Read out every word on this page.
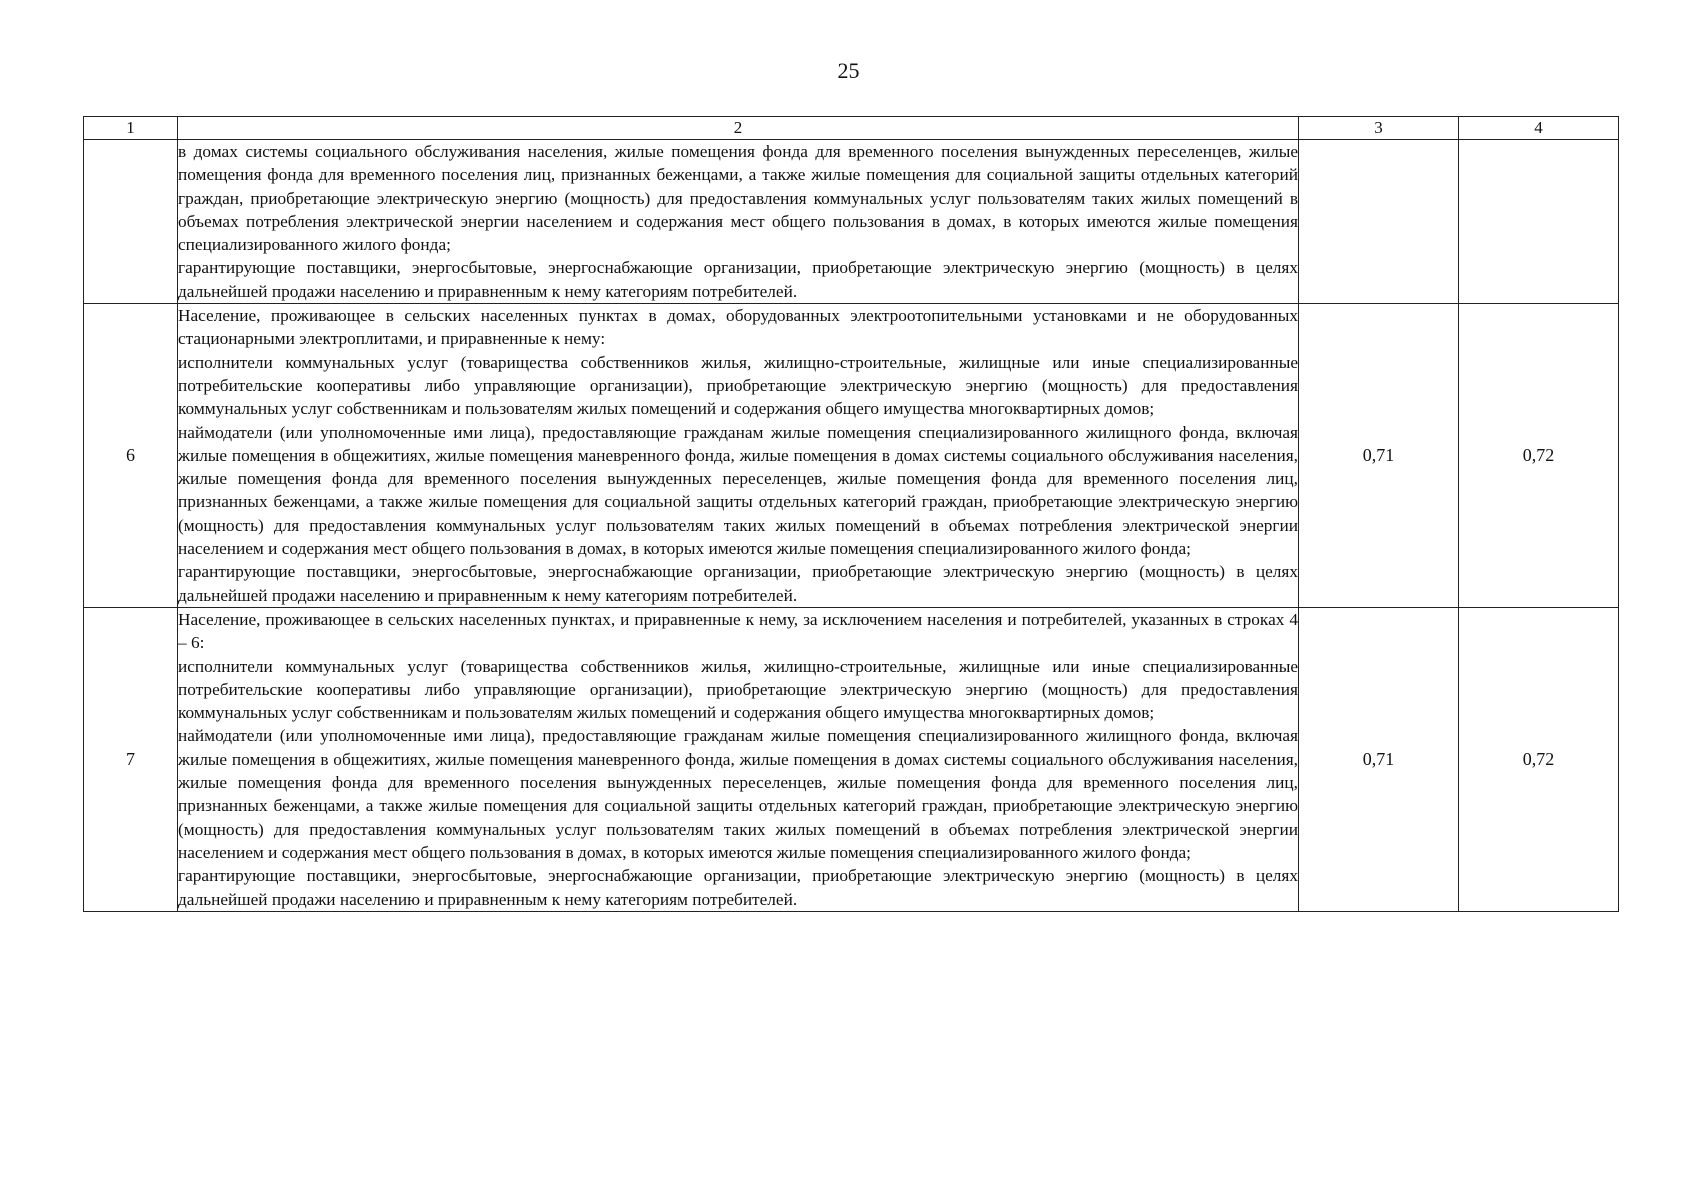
25
1	2	3	4

	в домах системы социального обслуживания населения, жилые помещения фонда для временного поселения вынужденных переселенцев, жилые помещения фонда для временного поселения лиц, признанных беженцами, а также жилые помещения для социальной защиты отдельных категорий граждан, приобретающие электрическую энергию (мощность) для предоставления коммунальных услуг пользователям таких жилых помещений в объемах потребления электрической энергии населением и содержания мест общего пользования в домах, в которых имеются жилые помещения специализированного жилого фонда;

гарантирующие поставщики, энергосбытовые, энергоснабжающие организации, приобретающие электрическую энергию (мощность) в целях дальнейшей продажи населению и приравненным к нему категориям потребителей.		

6	Население, проживающее в сельских населенных пунктах в домах, оборудованных электроотопительными установками и не оборудованных стационарными электроплитами, и приравненные к нему:

исполнители коммунальных услуг (товарищества собственников жилья, жилищно-строительные, жилищные или иные специализированные потребительские кооперативы либо управляющие организации), приобретающие электрическую энергию (мощность) для предоставления коммунальных услуг собственникам и пользователям жилых помещений и содержания общего имущества многоквартирных домов;

наймодатели (или уполномоченные ими лица), предоставляющие гражданам жилые помещения специализированного жилищного фонда, включая жилые помещения в общежитиях, жилые помещения маневренного фонда, жилые помещения в домах системы социального обслуживания населения, жилые помещения фонда для временного поселения вынужденных переселенцев, жилые помещения фонда для временного поселения лиц, признанных беженцами, а также жилые помещения для социальной защиты отдельных категорий граждан, приобретающие электрическую энергию (мощность) для предоставления коммунальных услуг пользователям таких жилых помещений в объемах потребления электрической энергии населением и содержания мест общего пользования в домах, в которых имеются жилые помещения специализированного жилого фонда;

гарантирующие поставщики, энергосбытовые, энергоснабжающие организации, приобретающие электрическую энергию (мощность) в целях дальнейшей продажи населению и приравненным к нему категориям потребителей.	0,71	0,72
7	Население, проживающее в сельских населенных пунктах, и приравненные к нему, за исключением населения и потребителей, указанных в строках 4 – 6:

исполнители коммунальных услуг (товарищества собственников жилья, жилищно-строительные, жилищные или иные специализированные потребительские кооперативы либо управляющие организации), приобретающие электрическую энергию (мощность) для предоставления коммунальных услуг собственникам и пользователям жилых помещений и содержания общего имущества многоквартирных домов;

наймодатели (или уполномоченные ими лица), предоставляющие гражданам жилые помещения специализированного жилищного фонда, включая жилые помещения в общежитиях, жилые помещения маневренного фонда, жилые помещения в домах системы социального обслуживания населения, жилые помещения фонда для временного поселения вынужденных переселенцев, жилые помещения фонда для временного поселения лиц, признанных беженцами, а также жилые помещения для социальной защиты отдельных категорий граждан, приобретающие электрическую энергию (мощность) для предоставления коммунальных услуг пользователям таких жилых помещений в объемах потребления электрической энергии населением и содержания мест общего пользования в домах, в которых имеются жилые помещения специализированного жилого фонда;

гарантирующие поставщики, энергосбытовые, энергоснабжающие организации, приобретающие электрическую энергию (мощность) в целях дальнейшей продажи населению и приравненным к нему категориям потребителей.	0,71	0,72
